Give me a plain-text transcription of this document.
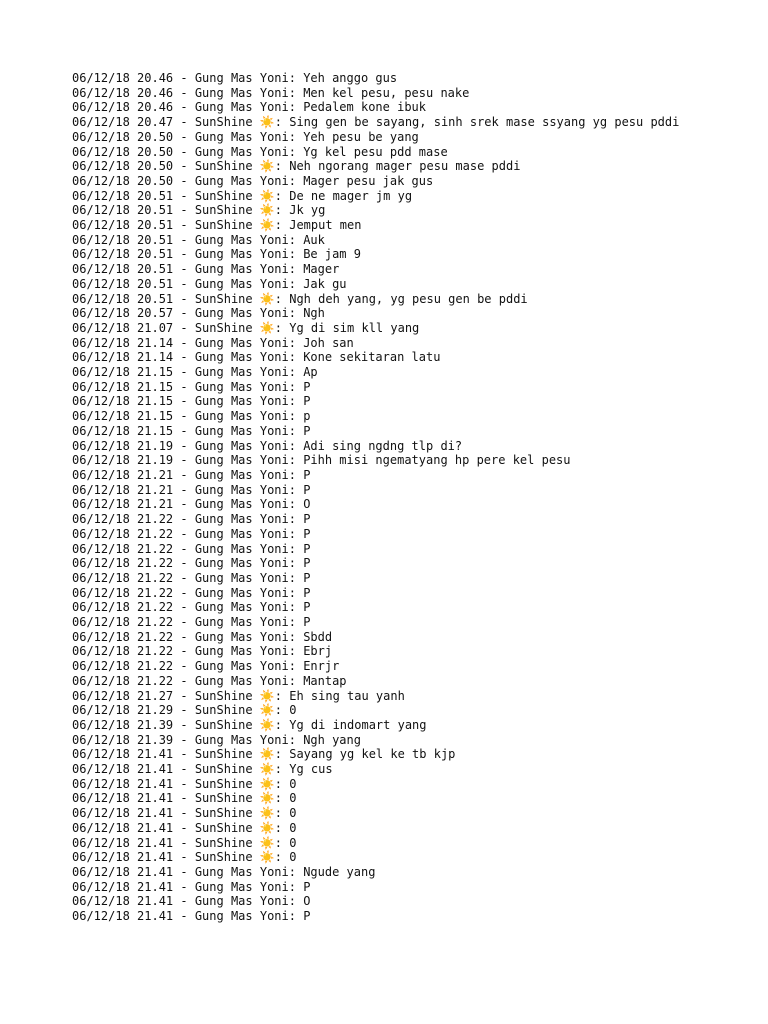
06/12/18 20.46 - Gung Mas Yoni: Yeh anggo gus
06/12/18 20.46 - Gung Mas Yoni: Men kel pesu, pesu nake
06/12/18 20.46 - Gung Mas Yoni: Pedalem kone ibuk
06/12/18 20.47 - SunShine ☀️: Sing gen be sayang, sinh srek mase ssyang yg pesu pddi
06/12/18 20.50 - Gung Mas Yoni: Yeh pesu be yang
06/12/18 20.50 - Gung Mas Yoni: Yg kel pesu pdd mase
06/12/18 20.50 - SunShine ☀️: Neh ngorang mager pesu mase pddi
06/12/18 20.50 - Gung Mas Yoni: Mager pesu jak gus
06/12/18 20.51 - SunShine ☀️: De ne mager jm yg
06/12/18 20.51 - SunShine ☀️: Jk yg
06/12/18 20.51 - SunShine ☀️: Jemput men
06/12/18 20.51 - Gung Mas Yoni: Auk
06/12/18 20.51 - Gung Mas Yoni: Be jam 9
06/12/18 20.51 - Gung Mas Yoni: Mager
06/12/18 20.51 - Gung Mas Yoni: Jak gu
06/12/18 20.51 - SunShine ☀️: Ngh deh yang, yg pesu gen be pddi
06/12/18 20.57 - Gung Mas Yoni: Ngh
06/12/18 21.07 - SunShine ☀️: Yg di sim kll yang
06/12/18 21.14 - Gung Mas Yoni: Joh san
06/12/18 21.14 - Gung Mas Yoni: Kone sekitaran latu
06/12/18 21.15 - Gung Mas Yoni: Ap
06/12/18 21.15 - Gung Mas Yoni: P
06/12/18 21.15 - Gung Mas Yoni: P
06/12/18 21.15 - Gung Mas Yoni: p
06/12/18 21.15 - Gung Mas Yoni: P
06/12/18 21.19 - Gung Mas Yoni: Adi sing ngdng tlp di?
06/12/18 21.19 - Gung Mas Yoni: Pihh misi ngematyang hp pere kel pesu
06/12/18 21.21 - Gung Mas Yoni: P
06/12/18 21.21 - Gung Mas Yoni: P
06/12/18 21.21 - Gung Mas Yoni: O
06/12/18 21.22 - Gung Mas Yoni: P
06/12/18 21.22 - Gung Mas Yoni: P
06/12/18 21.22 - Gung Mas Yoni: P
06/12/18 21.22 - Gung Mas Yoni: P
06/12/18 21.22 - Gung Mas Yoni: P
06/12/18 21.22 - Gung Mas Yoni: P
06/12/18 21.22 - Gung Mas Yoni: P
06/12/18 21.22 - Gung Mas Yoni: P
06/12/18 21.22 - Gung Mas Yoni: Sbdd
06/12/18 21.22 - Gung Mas Yoni: Ebrj
06/12/18 21.22 - Gung Mas Yoni: Enrjr
06/12/18 21.22 - Gung Mas Yoni: Mantap
06/12/18 21.27 - SunShine ☀️: Eh sing tau yanh
06/12/18 21.29 - SunShine ☀️: 0
06/12/18 21.39 - SunShine ☀️: Yg di indomart yang
06/12/18 21.39 - Gung Mas Yoni: Ngh yang
06/12/18 21.41 - SunShine ☀️: Sayang yg kel ke tb kjp
06/12/18 21.41 - SunShine ☀️: Yg cus
06/12/18 21.41 - SunShine ☀️: 0
06/12/18 21.41 - SunShine ☀️: 0
06/12/18 21.41 - SunShine ☀️: 0
06/12/18 21.41 - SunShine ☀️: 0
06/12/18 21.41 - SunShine ☀️: 0
06/12/18 21.41 - SunShine ☀️: 0
06/12/18 21.41 - Gung Mas Yoni: Ngude yang
06/12/18 21.41 - Gung Mas Yoni: P
06/12/18 21.41 - Gung Mas Yoni: O
06/12/18 21.41 - Gung Mas Yoni: P
